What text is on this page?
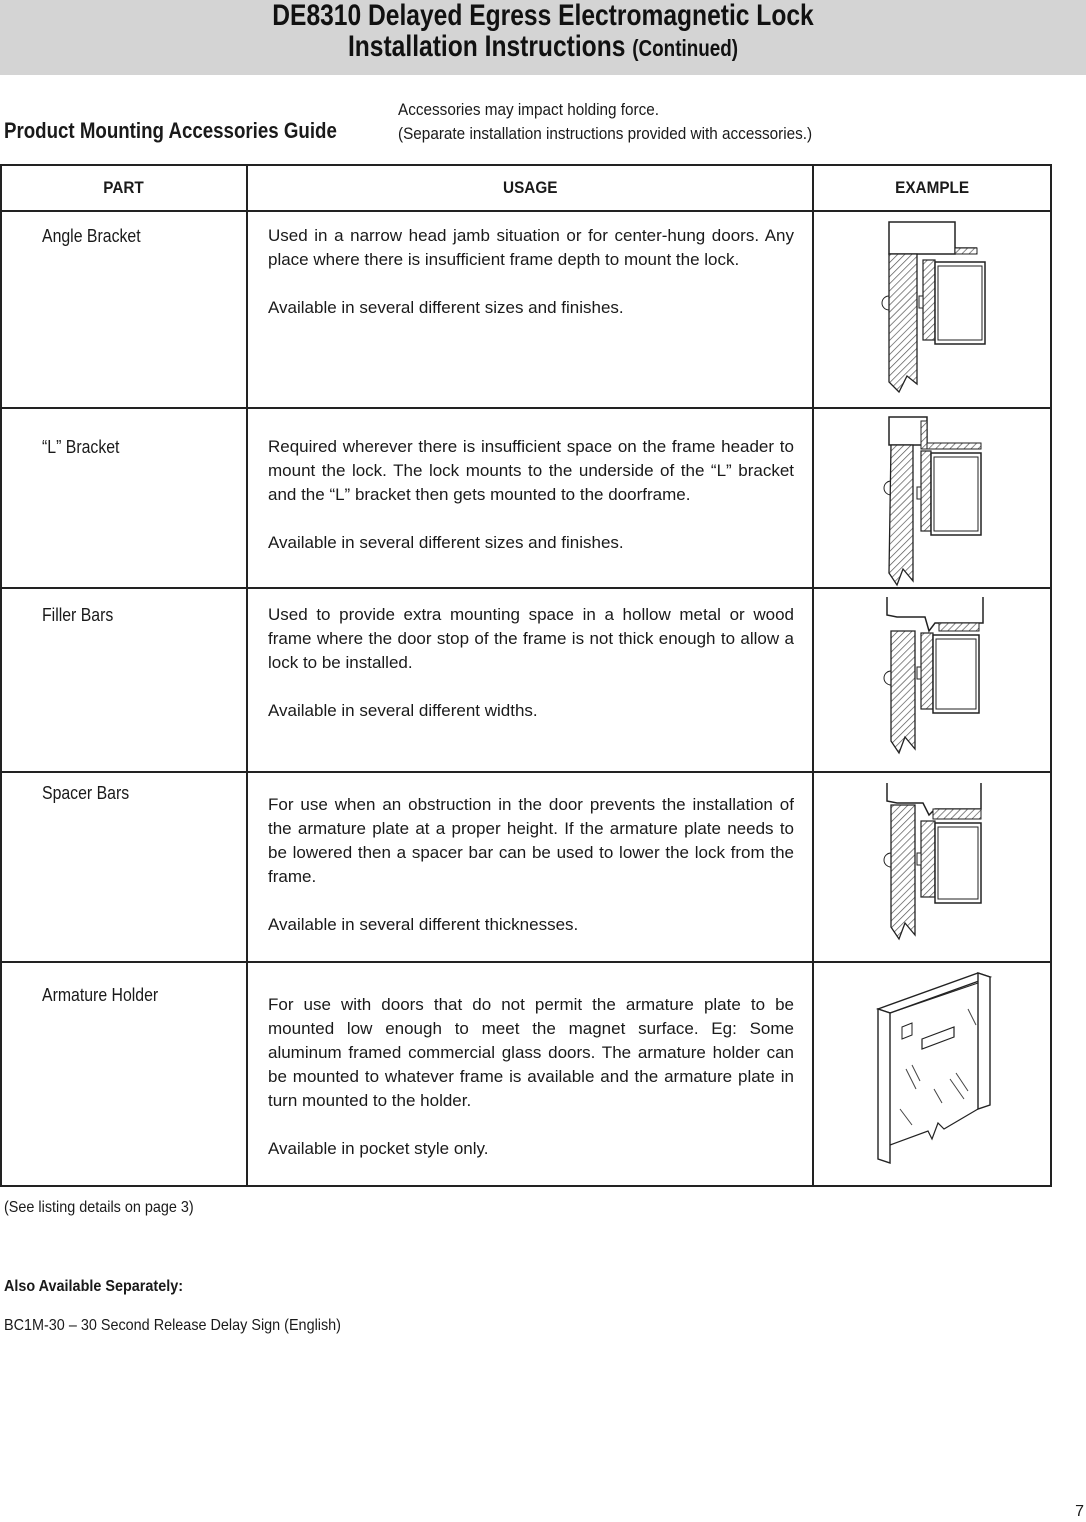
DE8310 Delayed Egress Electromagnetic Lock
Installation Instructions (Continued)
Product Mounting Accessories Guide
Accessories may impact holding force.
(Separate installation instructions provided with accessories.)
PART	USAGE	EXAMPLE
Angle Bracket	Used in a narrow head jamb situation or for center-hung doors. Any place where there is insufficient frame depth to mount the lock.

Available in several different sizes and finishes.

“L” Bracket	Required wherever there is insufficient space on the frame header to mount the lock. The lock mounts to the underside of the “L” bracket and the “L” bracket then gets mounted to the doorframe.

Available in several different sizes and finishes.

Filler Bars	Used to provide extra mounting space in a hollow metal or wood frame where the door stop of the frame is not thick enough to allow a lock to be installed.

Available in several different widths.

Spacer Bars	For use when an obstruction in the door prevents the installation of the armature plate at a proper height. If the armature plate needs to be lowered then a spacer bar can be used to lower the lock from the frame.

Available in several different thicknesses.

Armature Holder	For use with doors that do not permit the armature plate to be mounted low enough to meet the magnet surface. Eg: Some aluminum framed commercial glass doors. The armature holder can be mounted to whatever frame is available and the armature plate in turn mounted to the holder.

Available in pocket style only.

(See listing details on page 3)
Also Available Separately:
BC1M-30 – 30 Second Release Delay Sign (English)
7
